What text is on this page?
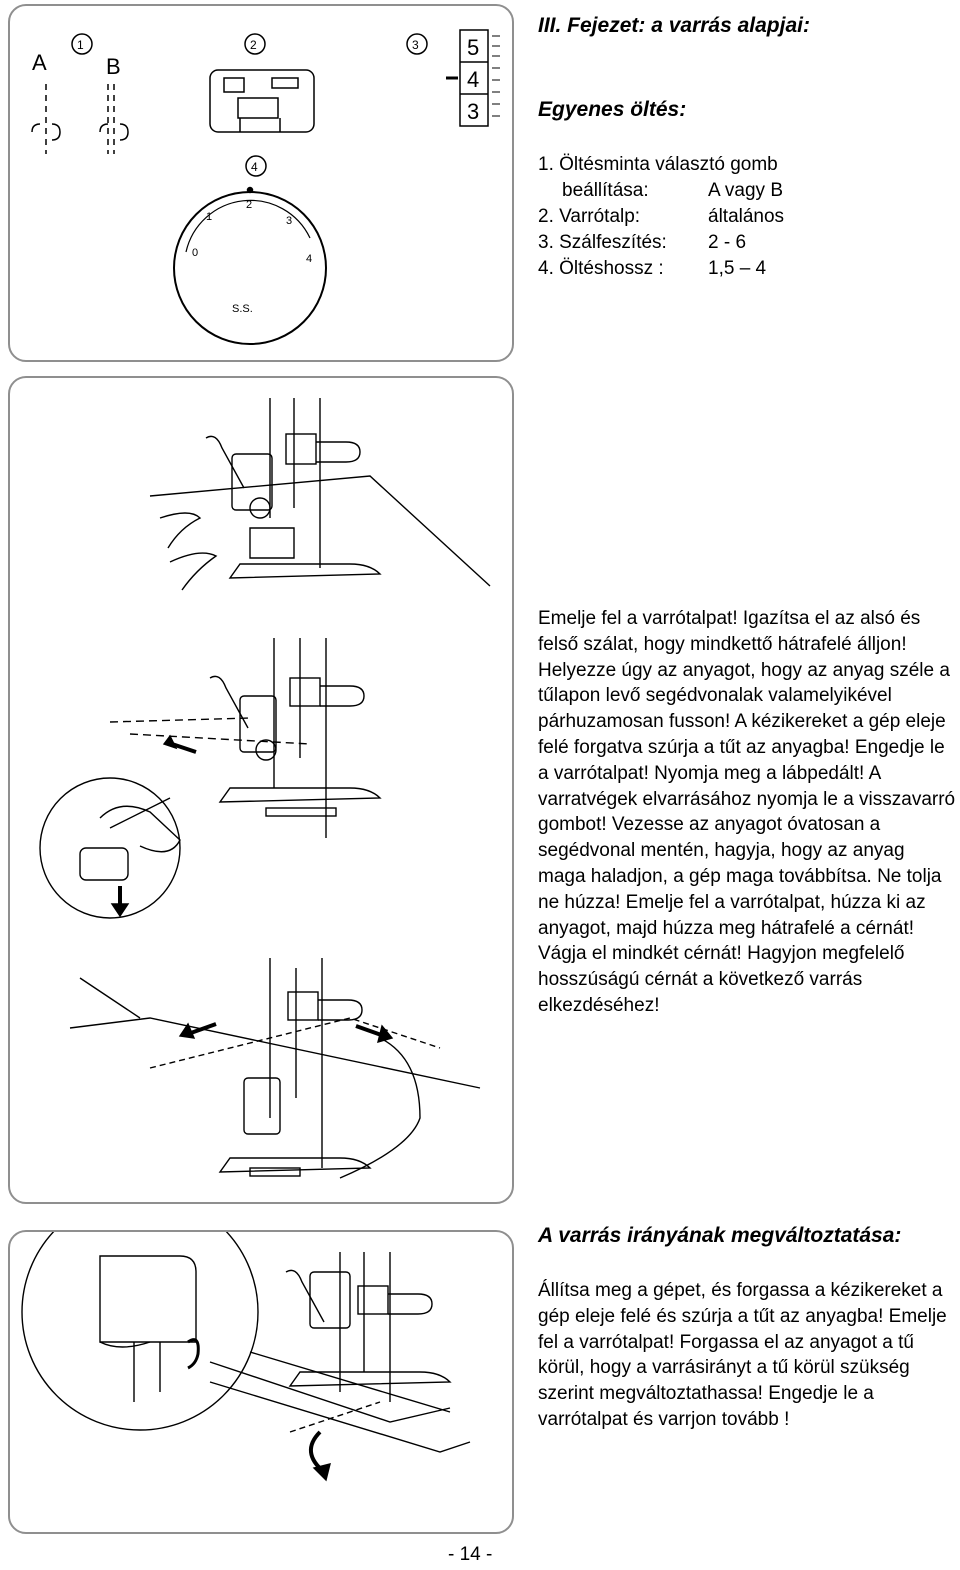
1	2	3
4
A	B
5
4
3
0
1
2
3
4
S.S.
III. Fejezet: a varrás alapjai:
Egyenes öltés:
1. Öltésminta választó gomb
beállítása:	A vagy B
2. Varrótalp:	általános
3. Szálfeszítés:	2 - 6
4. Öltéshossz :	1,5 – 4

Emelje fel a varrótalpat! Igazítsa el az alsó és felső szálat, hogy mindkettő hátrafelé álljon! Helyezze úgy az anyagot, hogy az anyag széle a tűlapon levő segédvonalak valamelyikével párhuzamosan fusson! A kézikereket a gép eleje felé forgatva szúrja a tűt az anyagba! Engedje le a varrótalpat! Nyomja meg a lábpedált! A varratvégek elvarrásához nyomja le a visszavarró gombot! Vezesse az anyagot óvatosan a segédvonal mentén, hagyja, hogy az anyag maga haladjon, a gép maga továbbítsa. Ne tolja ne húzza! Emelje fel a varrótalpat, húzza ki az anyagot, majd húzza meg hátrafelé a cérnát! Vágja el mindkét cérnát! Hagyjon megfelelő hosszúságú cérnát a következő varrás elkezdéséhez!

A varrás irányának megváltoztatása:

Állítsa meg a gépet, és forgassa a kézikereket a gép eleje felé és szúrja a tűt az anyagba! Emelje fel a varrótalpat! Forgassa el az anyagot a tű körül, hogy a varrásirányt a tű körül szükség szerint megváltoztathassa! Engedje le a varrótalpat és varrjon tovább !

- 14 -
